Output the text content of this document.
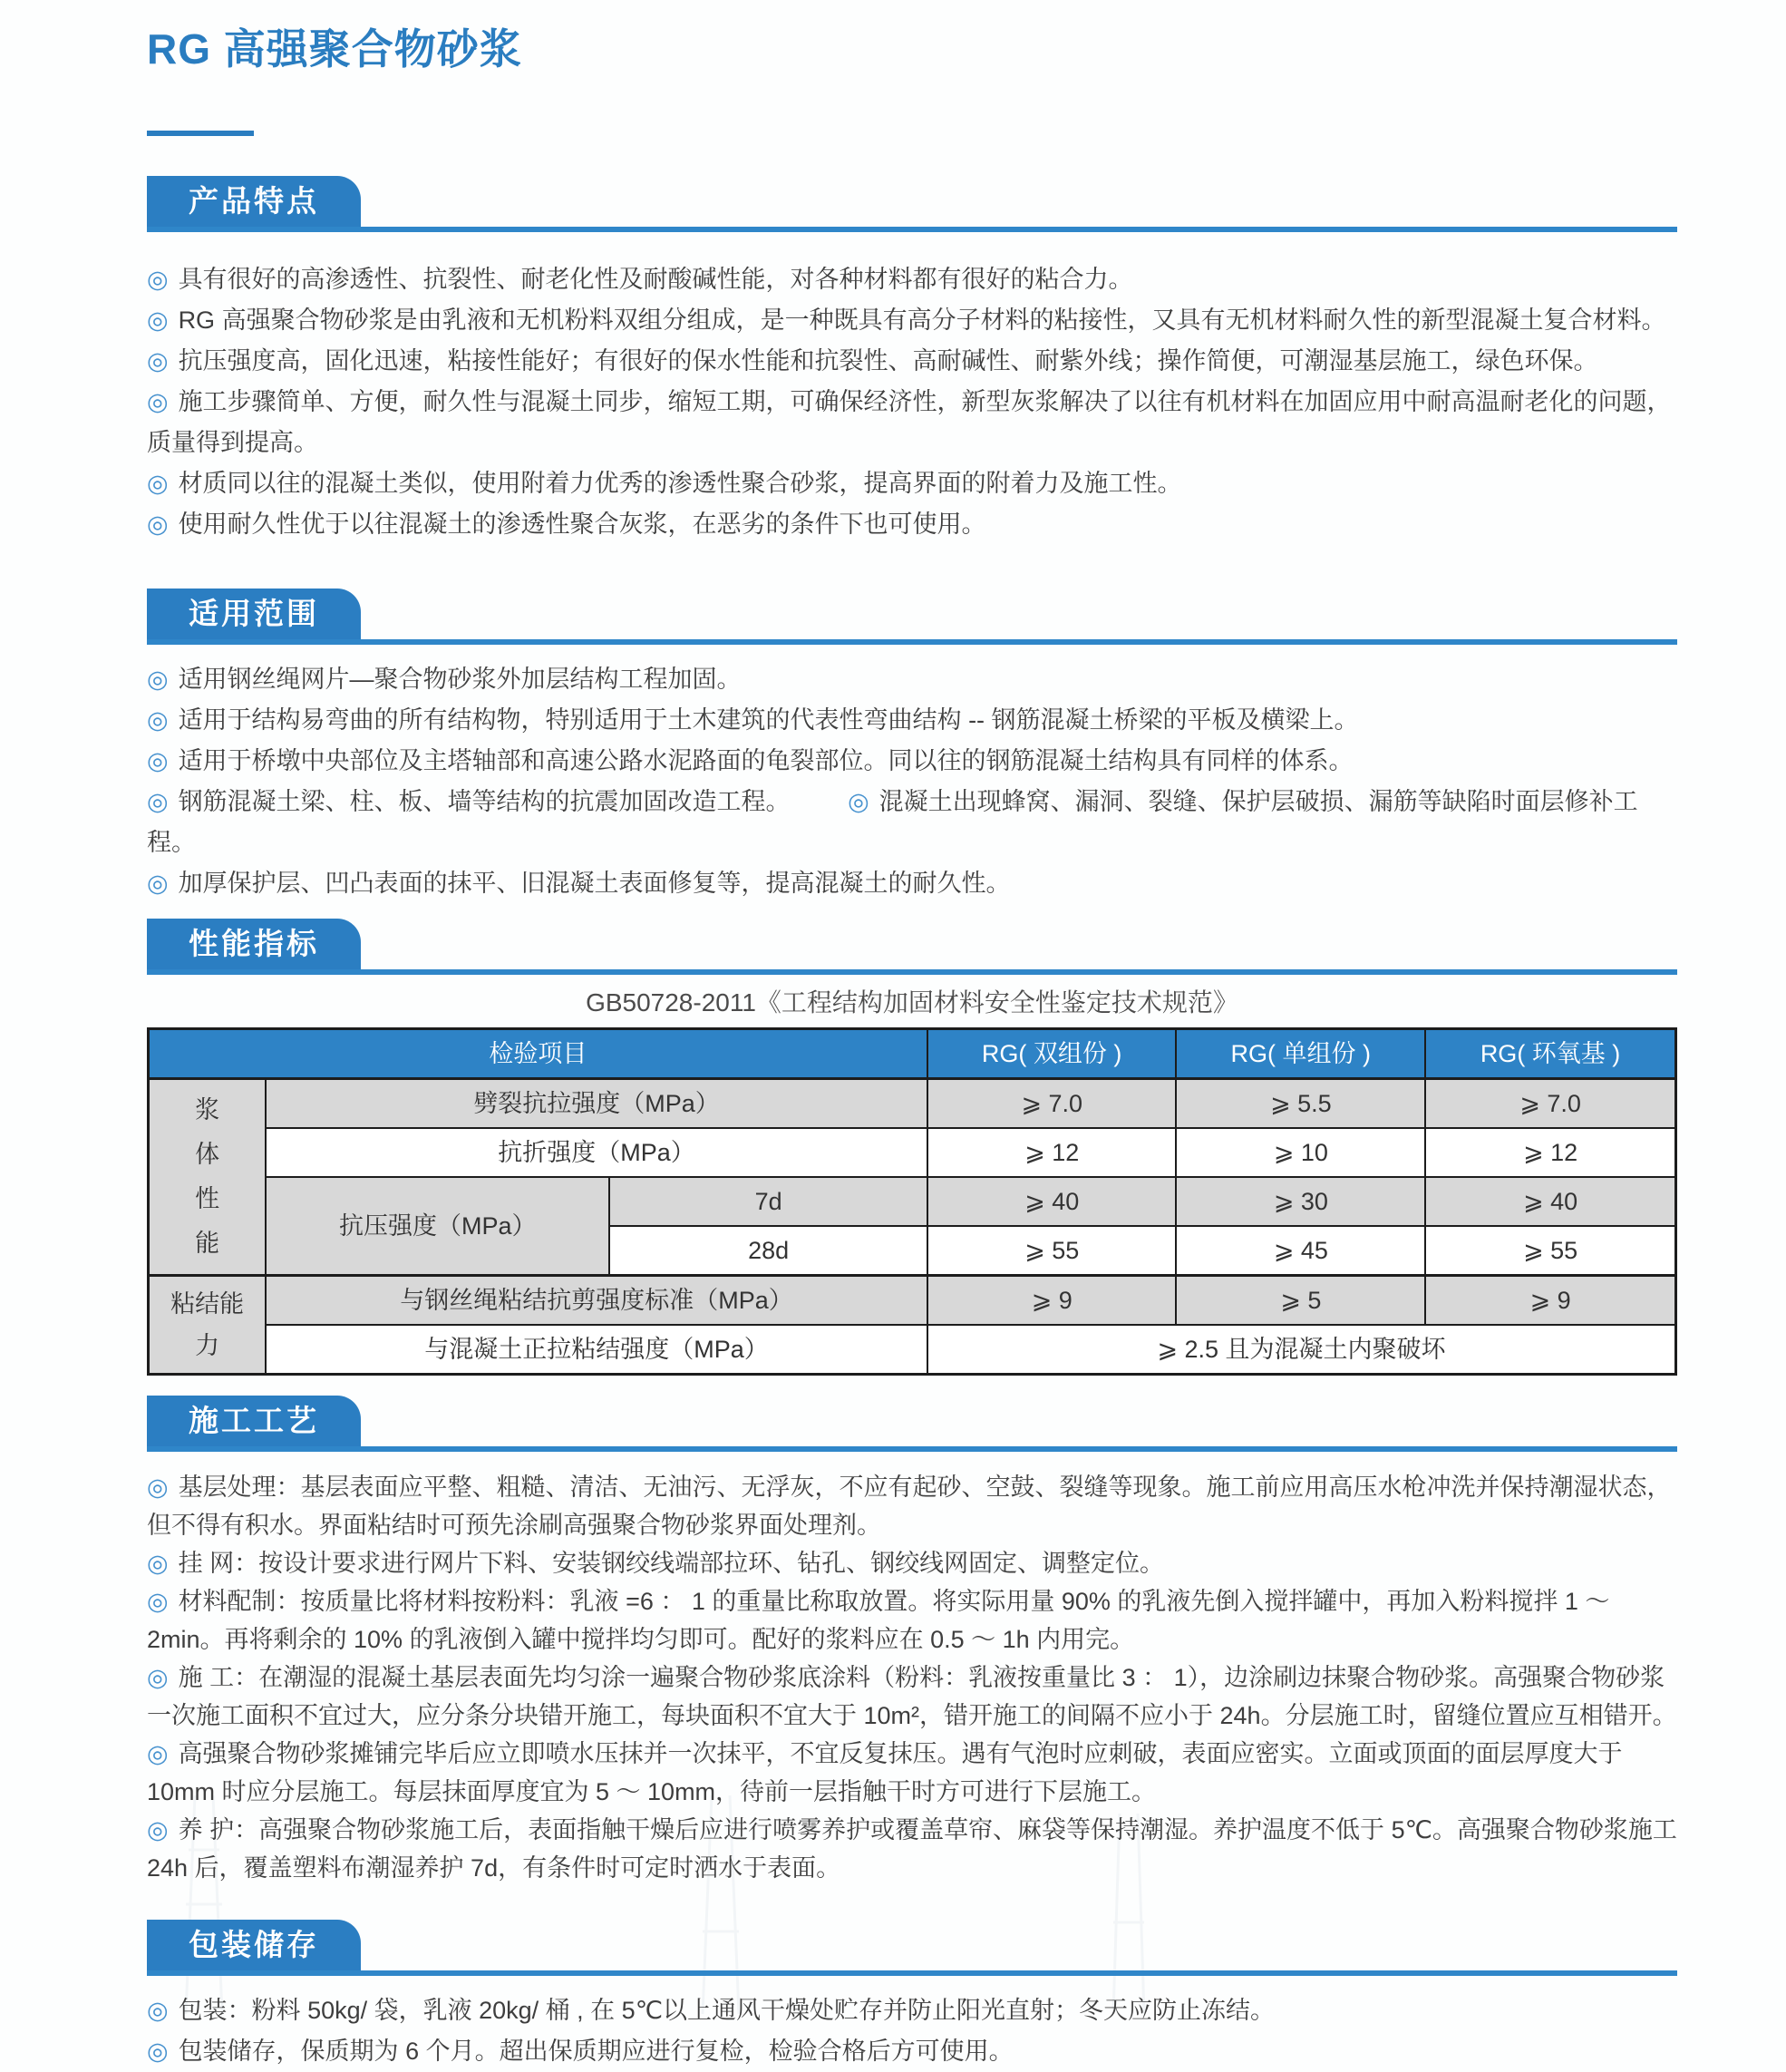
RG 高强聚合物砂浆
产品特点
◎ 具有很好的高渗透性、抗裂性、耐老化性及耐酸碱性能，对各种材料都有很好的粘合力。
◎ RG 高强聚合物砂浆是由乳液和无机粉料双组分组成，是一种既具有高分子材料的粘接性，又具有无机材料耐久性的新型混凝土复合材料。
◎ 抗压强度高，固化迅速，粘接性能好；有很好的保水性能和抗裂性、高耐碱性、耐紫外线；操作简便，可潮湿基层施工，绿色环保。
◎ 施工步骤简单、方便，耐久性与混凝土同步，缩短工期，可确保经济性，新型灰浆解决了以往有机材料在加固应用中耐高温耐老化的问题，质量得到提高。
◎ 材质同以往的混凝土类似，使用附着力优秀的渗透性聚合砂浆，提高界面的附着力及施工性。
◎ 使用耐久性优于以往混凝土的渗透性聚合灰浆，在恶劣的条件下也可使用。
适用范围
◎ 适用钢丝绳网片—聚合物砂浆外加层结构工程加固。
◎ 适用于结构易弯曲的所有结构物，特别适用于土木建筑的代表性弯曲结构 -- 钢筋混凝土桥梁的平板及横梁上。
◎ 适用于桥墩中央部位及主塔轴部和高速公路水泥路面的龟裂部位。同以往的钢筋混凝土结构具有同样的体系。
◎ 钢筋混凝土梁、柱、板、墙等结构的抗震加固改造工程。 ◎ 混凝土出现蜂窝、漏洞、裂缝、保护层破损、漏筋等缺陷时面层修补工程。
◎ 加厚保护层、凹凸表面的抹平、旧混凝土表面修复等，提高混凝土的耐久性。
性能指标
GB50728-2011《工程结构加固材料安全性鉴定技术规范》
检验项目			RG( 双组份 )	RG( 单组份 )	RG( 环氧基 )
浆体性能	劈裂抗拉强度（MPa）		⩾ 7.0	⩾ 5.5	⩾ 7.0
	抗折强度（MPa）		⩾ 12	⩾ 10	⩾ 12
	抗压强度（MPa）	7d	⩾ 40	⩾ 30	⩾ 40
		28d	⩾ 55	⩾ 45	⩾ 55
粘结能力	与钢丝绳粘结抗剪强度标准（MPa）		⩾ 9	⩾ 5	⩾ 9
	与混凝土正拉粘结强度（MPa）		⩾ 2.5 且为混凝土内聚破坏		
施工工艺
◎ 基层处理：基层表面应平整、粗糙、清洁、无油污、无浮灰，不应有起砂、空鼓、裂缝等现象。施工前应用高压水枪冲洗并保持潮湿状态，但不得有积水。界面粘结时可预先涂刷高强聚合物砂浆界面处理剂。
◎ 挂 网：按设计要求进行网片下料、安装钢绞线端部拉环、钻孔、钢绞线网固定、调整定位。
◎ 材料配制：按质量比将材料按粉料：乳液 =6 ： 1 的重量比称取放置。将实际用量 90% 的乳液先倒入搅拌罐中，再加入粉料搅拌 1 ～ 2min。再将剩余的 10% 的乳液倒入罐中搅拌均匀即可。配好的浆料应在 0.5 ～ 1h 内用完。
◎ 施 工：在潮湿的混凝土基层表面先均匀涂一遍聚合物砂浆底涂料（粉料：乳液按重量比 3 ： 1），边涂刷边抹聚合物砂浆。高强聚合物砂浆一次施工面积不宜过大，应分条分块错开施工，每块面积不宜大于 10m²，错开施工的间隔不应小于 24h。分层施工时，留缝位置应互相错开。
◎ 高强聚合物砂浆摊铺完毕后应立即喷水压抹并一次抹平，不宜反复抹压。遇有气泡时应刺破，表面应密实。立面或顶面的面层厚度大于 10mm 时应分层施工。每层抹面厚度宜为 5 ～ 10mm，待前一层指触干时方可进行下层施工。
◎ 养 护：高强聚合物砂浆施工后，表面指触干燥后应进行喷雾养护或覆盖草帘、麻袋等保持潮湿。养护温度不低于 5℃。高强聚合物砂浆施工 24h 后，覆盖塑料布潮湿养护 7d，有条件时可定时洒水于表面。
包装储存
◎ 包装：粉料 50kg/ 袋，乳液 20kg/ 桶 , 在 5℃以上通风干燥处贮存并防止阳光直射；冬天应防止冻结。
◎ 包装储存，保质期为 6 个月。超出保质期应进行复检，检验合格后方可使用。
